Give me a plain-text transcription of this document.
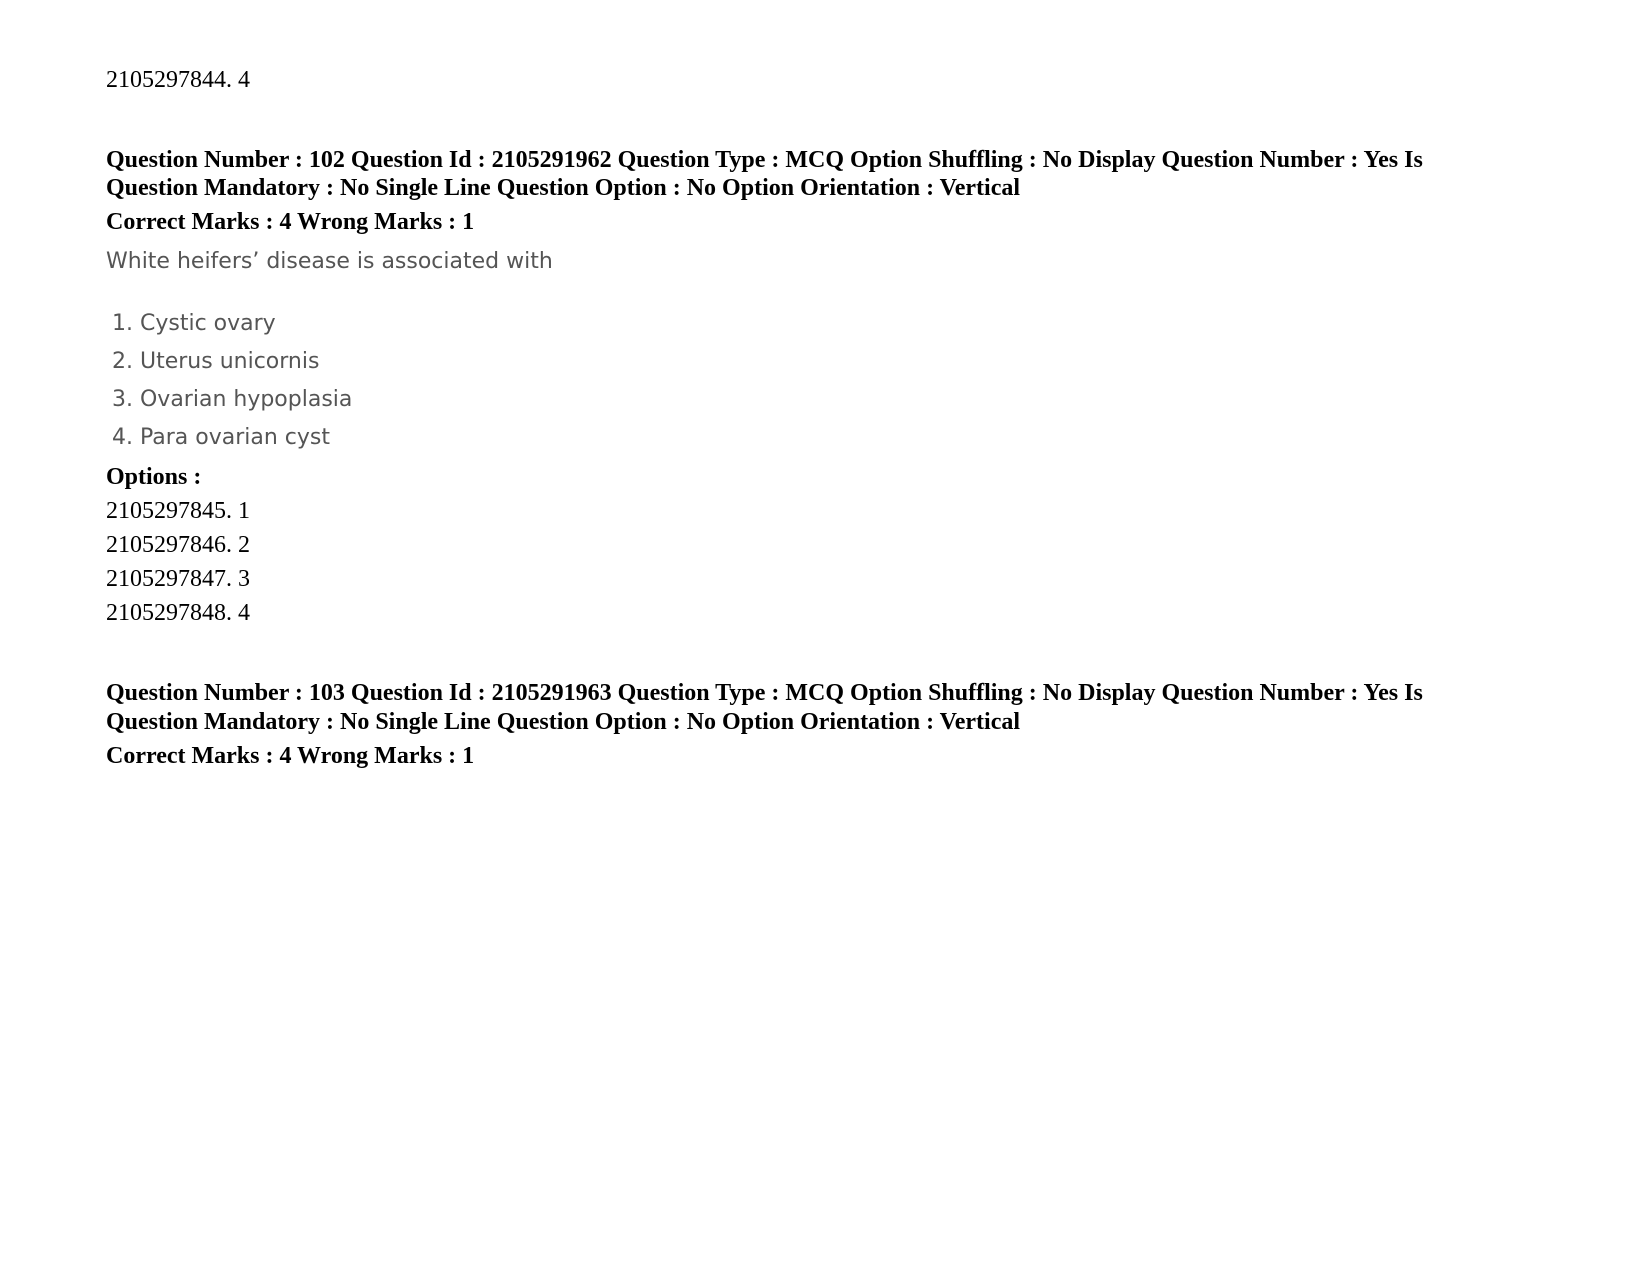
2105297844. 4
Question Number : 102 Question Id : 2105291962 Question Type : MCQ Option Shuffling : No Display Question Number : Yes Is
Question Mandatory : No Single Line Question Option : No Option Orientation : Vertical
Correct Marks : 4 Wrong Marks : 1
White heifers’ disease is associated with
1. Cystic ovary
2. Uterus unicornis
3. Ovarian hypoplasia
4. Para ovarian cyst
Options :
2105297845. 1
2105297846. 2
2105297847. 3
2105297848. 4
Question Number : 103 Question Id : 2105291963 Question Type : MCQ Option Shuffling : No Display Question Number : Yes Is
Question Mandatory : No Single Line Question Option : No Option Orientation : Vertical
Correct Marks : 4 Wrong Marks : 1
